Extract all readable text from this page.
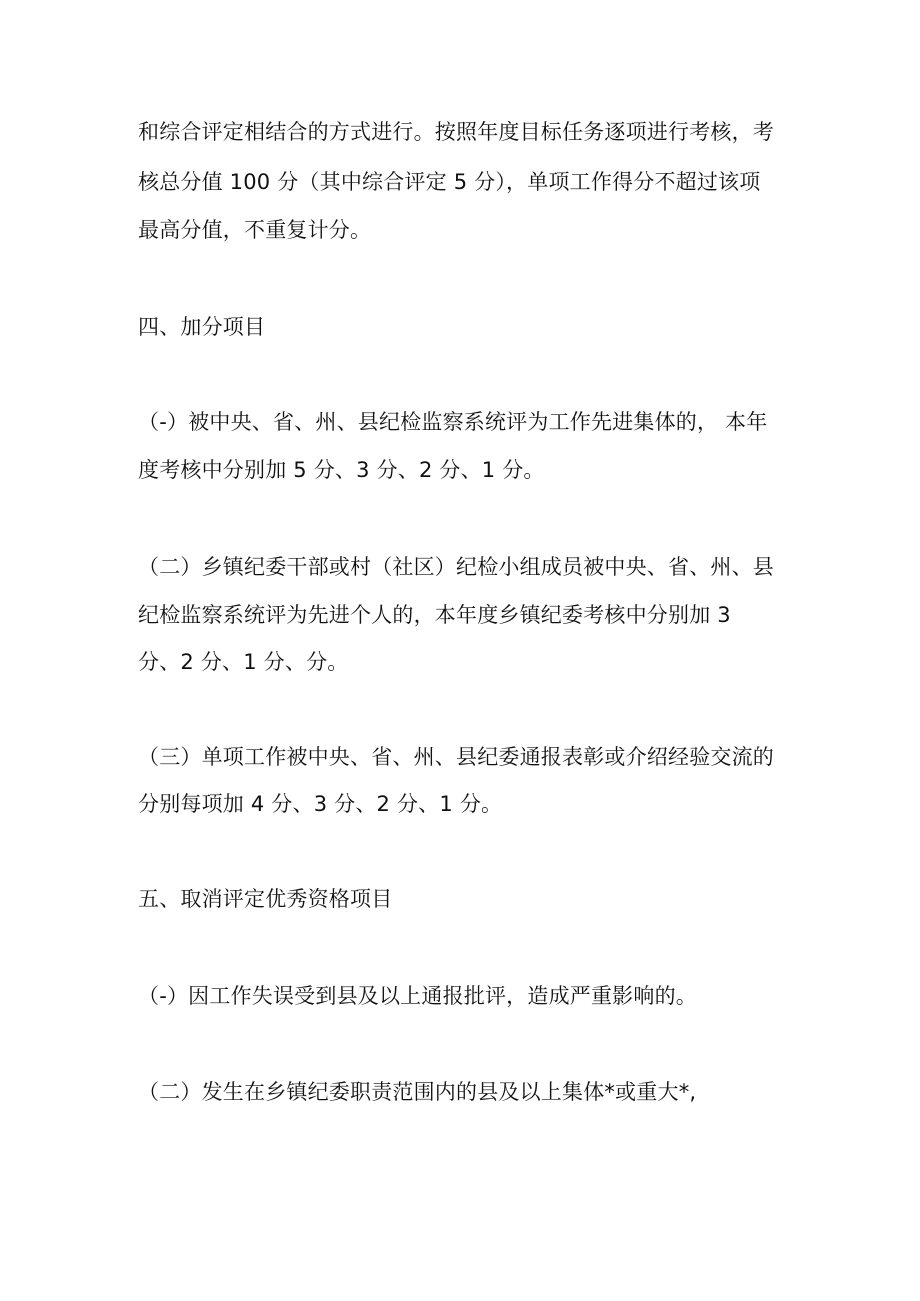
和综合评定相结合的方式进行。按照年度目标任务逐项进行考核，考
核总分值 100 分（其中综合评定 5 分），单项工作得分不超过该项
最高分值，不重复计分。
四、加分项目
（-）被中央、省、州、县纪检监察系统评为工作先进集体的， 本年
度考核中分别加 5 分、3 分、2 分、1 分。
（二）乡镇纪委干部或村（社区）纪检小组成员被中央、省、州、县
纪检监察系统评为先进个人的，本年度乡镇纪委考核中分别加 3
分、2 分、1 分、分。
（三）单项工作被中央、省、州、县纪委通报表彰或介绍经验交流的
分别每项加 4 分、3 分、2 分、1 分。
五、取消评定优秀资格项目
（-）因工作失误受到县及以上通报批评，造成严重影响的。
（二）发生在乡镇纪委职责范围内的县及以上集体*或重大*,
